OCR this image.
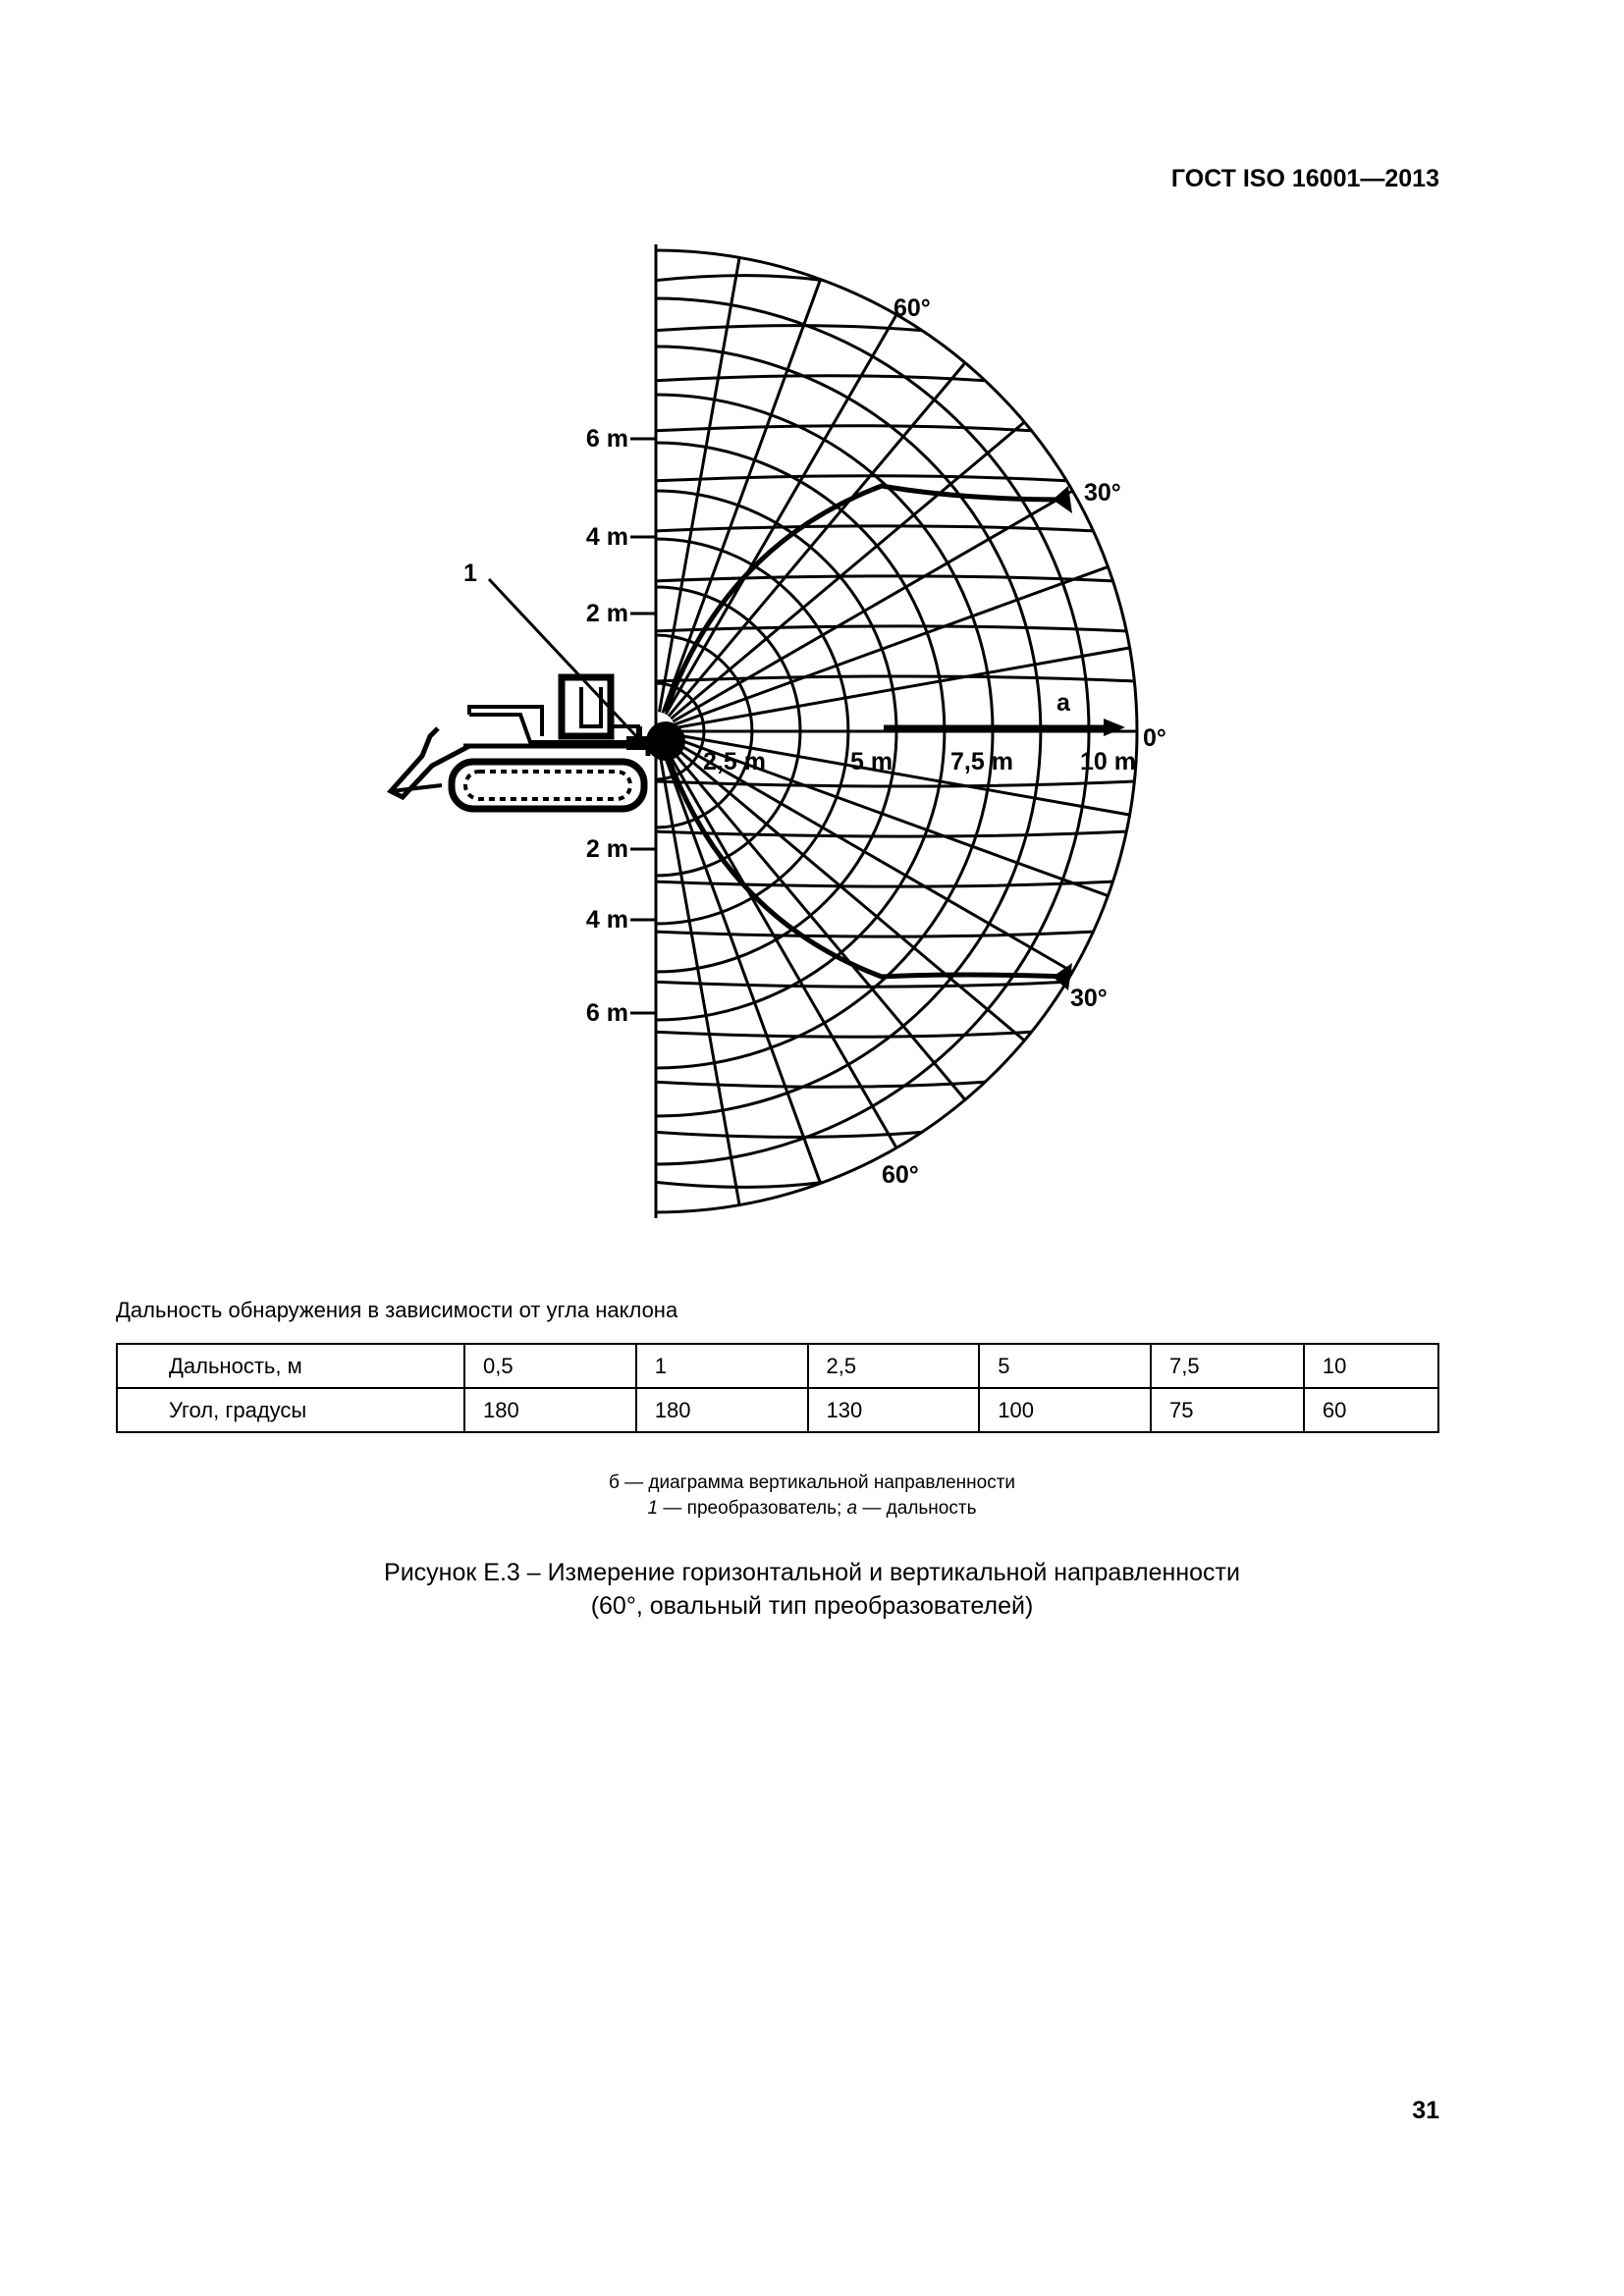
ГОСТ ISO 16001—2013
6 m
4 m
2 m
2 m
4 m
6 m
2,5 m	5 m 7,5 m	10 m
60°
30°
0°
30°
60°
a
1
Дальность обнаружения в зависимости от угла наклона
Дальность, м	0,5	1	2,5	5	7,5	10
Угол, градусы	180	180	130	100	75	60
б — диаграмма вертикальной направленности
1 — преобразователь; а — дальность
Рисунок Е.3 – Измерение горизонтальной и вертикальной направленности
(60°, овальный тип преобразователей)
31
